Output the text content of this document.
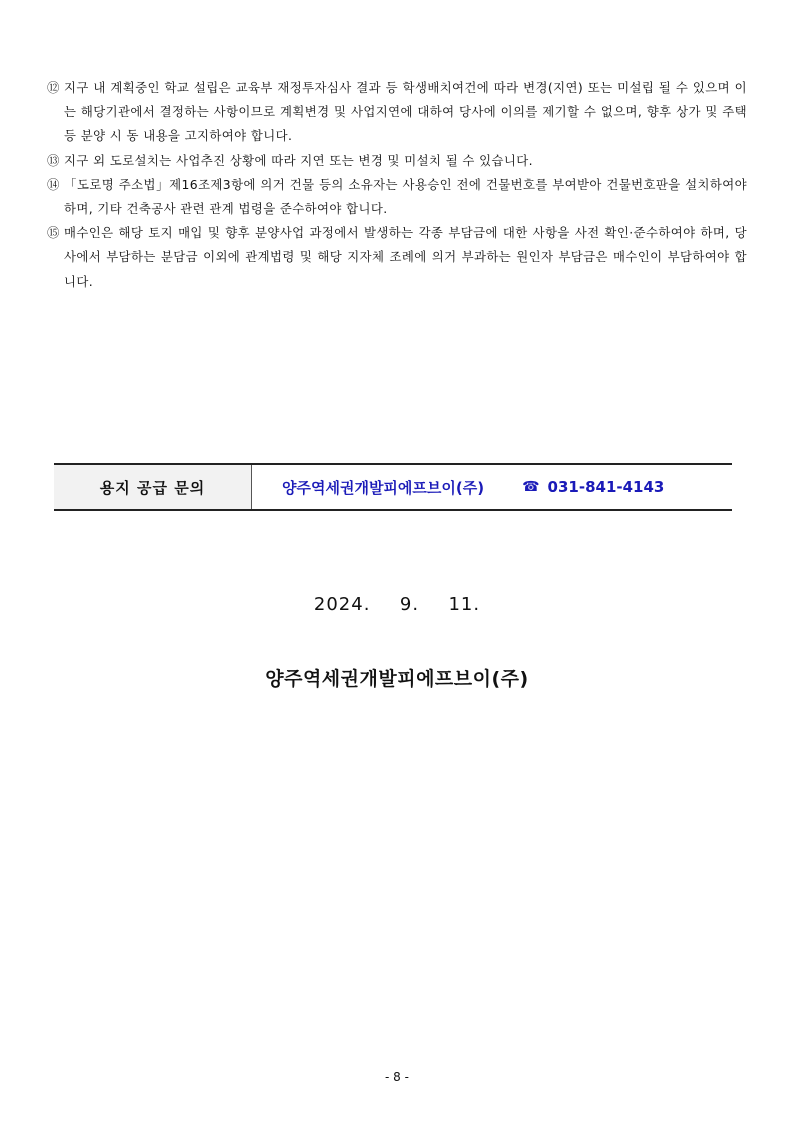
⑫ 지구 내 계획중인 학교 설립은 교육부 재정투자심사 결과 등 학생배치여건에 따라 변경(지연) 또는 미설립 될 수 있으며 이는 해당기관에서 결정하는 사항이므로 계획변경 및 사업지연에 대하여 당사에 이의를 제기할 수 없으며, 향후 상가 및 주택 등 분양 시 동 내용을 고지하여야 합니다.
⑬ 지구 외 도로설치는 사업추진 상황에 따라 지연 또는 변경 및 미설치 될 수 있습니다.
⑭ 「도로명 주소법」제16조제3항에 의거 건물 등의 소유자는 사용승인 전에 건물번호를 부여받아 건물번호판을 설치하여야 하며, 기타 건축공사 관련 관계 법령을 준수하여야 합니다.
⑮ 매수인은 해당 토지 매입 및 향후 분양사업 과정에서 발생하는 각종 부담금에 대한 사항을 사전 확인·준수하여야 하며, 당사에서 부담하는 분담금 이외에 관계법령 및 해당 지자체 조례에 의거 부과하는 원인자 부담금은 매수인이 부담하여야 합니다.
용지 공급 문의	양주역세권개발피에프브이(주)	☎ 031-841-4143
2024.  9.  11.
양주역세권개발피에프브이(주)
- 8 -
